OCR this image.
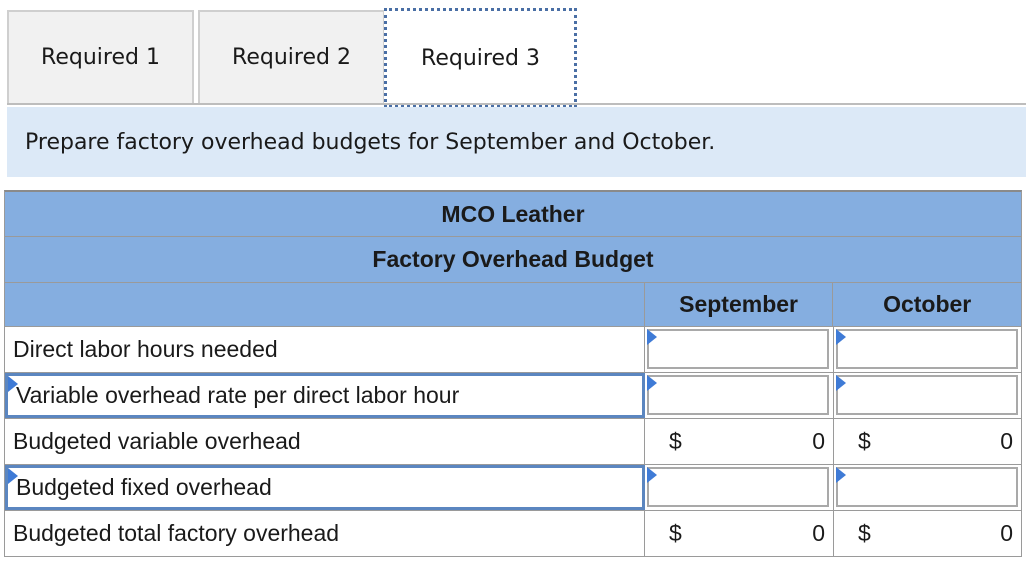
Required 1	Required 2	Required 3
Prepare factory overhead budgets for September and October.
MCO Leather
Factory Overhead Budget
September	October
Direct labor hours needed
Variable overhead rate per direct labor hour
Budgeted variable overhead	$	0 $	0
Budgeted fixed overhead
Budgeted total factory overhead	$	0 $	0
